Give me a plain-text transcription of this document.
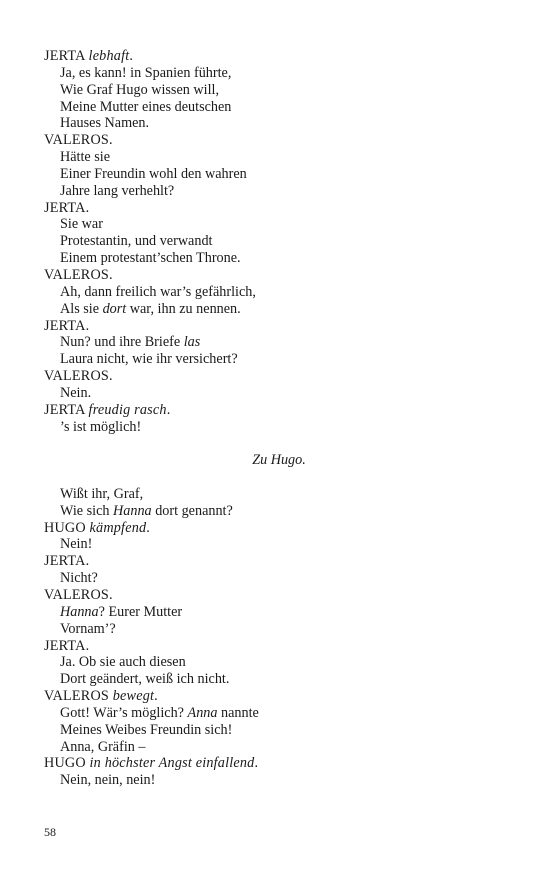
JERTA lebhaft.
Ja, es kann! in Spanien führte,
Wie Graf Hugo wissen will,
Meine Mutter eines deutschen
Hauses Namen.
VALEROS.
Hätte sie
Einer Freundin wohl den wahren
Jahre lang verhehlt?
JERTA.
Sie war
Protestantin, und verwandt
Einem protestant’schen Throne.
VALEROS.
Ah, dann freilich war’s gefährlich,
Als sie dort war, ihn zu nennen.
JERTA.
Nun? und ihre Briefe las
Laura nicht, wie ihr versichert?
VALEROS.
Nein.
JERTA freudig rasch.
’s ist möglich!
Zu Hugo.
Wißt ihr, Graf,
Wie sich Hanna dort genannt?
HUGO kämpfend.
Nein!
JERTA.
Nicht?
VALEROS.
Hanna? Eurer Mutter
Vornam’?
JERTA.
Ja. Ob sie auch diesen
Dort geändert, weiß ich nicht.
VALEROS bewegt.
Gott! Wär’s möglich? Anna nannte
Meines Weibes Freundin sich!
Anna, Gräfin –
HUGO in höchster Angst einfallend.
Nein, nein, nein!
58
